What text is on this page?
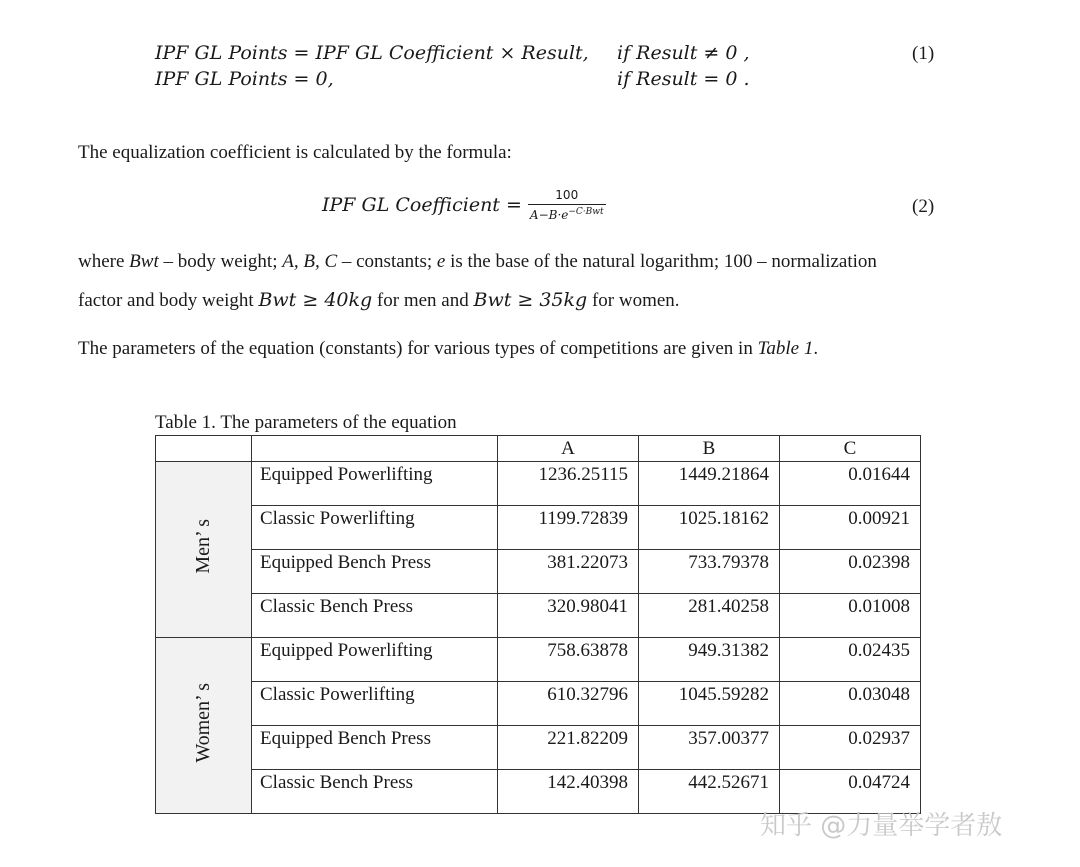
IPF GL Points = IPF GL Coefficient × Result, if Result ≠ 0 ,
IPF GL Points = 0,	if Result = 0 .
(1)
The equalization coefficient is calculated by the formula:
IPF GL Coefficient = $\frac{100}{A-B\cdot e^{-C\cdot Bwt}}$	(2)
where Bwt – body weight; A, B, C – constants; e is the base of the natural logarithm; 100 – normalization
factor and body weight Bwt ≥ 40kg for men and Bwt ≥ 35kg for women.
The parameters of the equation (constants) for various types of competitions are given in Table 1.
Table 1. The parameters of the equation
		A	B	C
Men’ s	Equipped Powerlifting	1236.25115	1449.21864	0.01644
	Classic Powerlifting	1199.72839	1025.18162	0.00921
	Equipped Bench Press	381.22073	733.79378	0.02398
	Classic Bench Press	320.98041	281.40258	0.01008
Women’ s	Equipped Powerlifting	758.63878	949.31382	0.02435
	Classic Powerlifting	610.32796	1045.59282	0.03048
	Equipped Bench Press	221.82209	357.00377	0.02937
	Classic Bench Press	142.40398	442.52671	0.04724
知乎 @力量举学者敖
